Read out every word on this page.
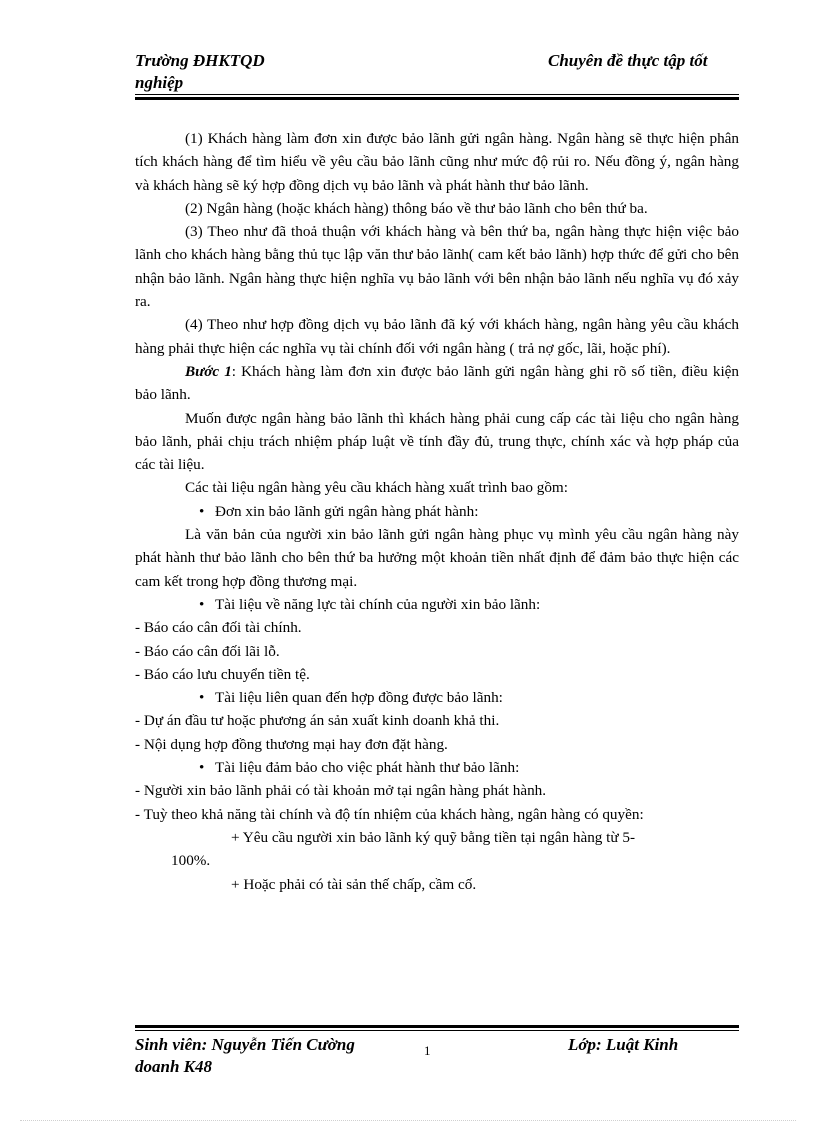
Trường ĐHKTQD
nghiệp
Chuyên đề thực tập tốt

(1) Khách hàng làm đơn xin được bảo lãnh gửi ngân hàng. Ngân hàng sẽ thực hiện phân tích khách hàng để tìm hiểu về yêu cầu bảo lãnh cũng như mức độ rủi ro. Nếu đồng ý, ngân hàng và khách hàng sẽ ký hợp đồng dịch vụ bảo lãnh và phát hành thư bảo lãnh.

(2) Ngân hàng (hoặc khách hàng) thông báo về thư bảo lãnh cho bên thứ ba.

(3) Theo như đã thoả thuận với khách hàng và bên thứ ba, ngân hàng thực hiện việc bảo lãnh cho khách hàng bằng thủ tục lập văn thư bảo lãnh( cam kết bảo lãnh) hợp thức để gửi cho bên nhận bảo lãnh. Ngân hàng thực hiện nghĩa vụ bảo lãnh với bên nhận bảo lãnh nếu nghĩa vụ đó xảy ra.

(4) Theo như hợp đồng dịch vụ bảo lãnh đã ký với khách hàng, ngân hàng yêu cầu khách hàng phải thực hiện các nghĩa vụ tài chính đối với ngân hàng ( trả nợ gốc, lãi, hoặc phí).

Bước 1: Khách hàng làm đơn xin được bảo lãnh gửi ngân hàng ghi rõ số tiền, điều kiện bảo lãnh.

Muốn được ngân hàng bảo lãnh thì khách hàng phải cung cấp các tài liệu cho ngân hàng bảo lãnh, phải chịu trách nhiệm pháp luật về tính đầy đủ, trung thực, chính xác và hợp pháp của các tài liệu.

Các tài liệu ngân hàng yêu cầu khách hàng xuất trình bao gồm:

• Đơn xin bảo lãnh gửi ngân hàng phát hành:

Là văn bản của người xin bảo lãnh gửi ngân hàng phục vụ mình yêu cầu ngân hàng này phát hành thư bảo lãnh cho bên thứ ba hưởng một khoản tiền nhất định để đảm bảo thực hiện các cam kết trong hợp đồng thương mại.

• Tài liệu về năng lực tài chính của người xin bảo lãnh:

- Báo cáo cân đối tài chính.

- Báo cáo cân đối lãi lỗ.

- Báo cáo lưu chuyển tiền tệ.

• Tài liệu liên quan đến hợp đồng được bảo lãnh:

- Dự án đầu tư hoặc phương án sản xuất kinh doanh khả thi.

- Nội dụng hợp đồng thương mại hay đơn đặt hàng.

• Tài liệu đảm bảo cho việc phát hành thư bảo lãnh:

- Người xin bảo lãnh phải có tài khoản mở tại ngân hàng phát hành.

- Tuỳ theo khả năng tài chính và độ tín nhiệm của khách hàng, ngân hàng có quyền:

+ Yêu cầu người xin bảo lãnh ký quỹ bằng tiền tại ngân hàng từ 5-

100%.

+ Hoặc phải có tài sản thế chấp, cầm cố.

Sinh viên: Nguyễn Tiến Cường
doanh K48
1	Lớp: Luật Kinh
